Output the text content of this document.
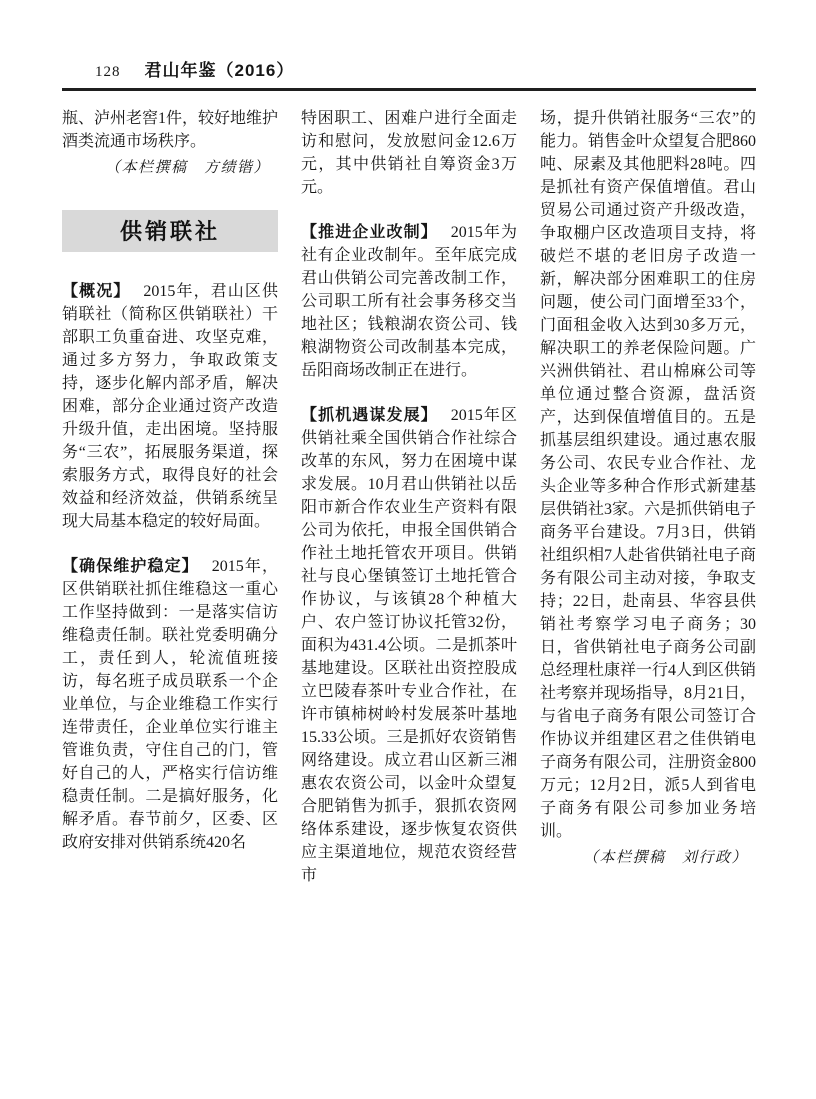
128 君山年鉴（2016）

瓶、泸州老窖1件，较好地维护酒类流通市场秩序。

（本栏撰稿　方绩锴）

供销联社

【概况】 2015年，君山区供销联社（简称区供销联社）干部职工负重奋进、攻坚克难，通过多方努力，争取政策支持，逐步化解内部矛盾，解决困难，部分企业通过资产改造升级升值，走出困境。坚持服务“三农”，拓展服务渠道，探索服务方式，取得良好的社会效益和经济效益，供销系统呈现大局基本稳定的较好局面。

【确保维护稳定】 2015年，区供销联社抓住维稳这一重心工作坚持做到：一是落实信访维稳责任制。联社党委明确分工，责任到人，轮流值班接访，每名班子成员联系一个企业单位，与企业维稳工作实行连带责任，企业单位实行谁主管谁负责，守住自己的门，管好自己的人，严格实行信访维稳责任制。二是搞好服务，化解矛盾。春节前夕，区委、区政府安排对供销系统420名

特困职工、困难户进行全面走访和慰问，发放慰问金12.6万元，其中供销社自筹资金3万元。

【推进企业改制】 2015年为社有企业改制年。至年底完成君山供销公司完善改制工作，公司职工所有社会事务移交当地社区；钱粮湖农资公司、钱粮湖物资公司改制基本完成，岳阳商场改制正在进行。

【抓机遇谋发展】 2015年区供销社乘全国供销合作社综合改革的东风，努力在困境中谋求发展。10月君山供销社以岳阳市新合作农业生产资料有限公司为依托，申报全国供销合作社土地托管农开项目。供销社与良心堡镇签订土地托管合作协议，与该镇28个种植大户、农户签订协议托管32份，面积为431.4公顷。二是抓茶叶基地建设。区联社出资控股成立巴陵春茶叶专业合作社，在许市镇柿树岭村发展茶叶基地15.33公顷。三是抓好农资销售网络建设。成立君山区新三湘惠农农资公司，以金叶众望复合肥销售为抓手，狠抓农资网络体系建设，逐步恢复农资供应主渠道地位，规范农资经营市

场，提升供销社服务“三农”的能力。销售金叶众望复合肥860吨、尿素及其他肥料28吨。四是抓社有资产保值增值。君山贸易公司通过资产升级改造，争取棚户区改造项目支持，将破烂不堪的老旧房子改造一新，解决部分困难职工的住房问题，使公司门面增至33个，门面租金收入达到30多万元，解决职工的养老保险问题。广兴洲供销社、君山棉麻公司等单位通过整合资源，盘活资产，达到保值增值目的。五是抓基层组织建设。通过惠农服务公司、农民专业合作社、龙头企业等多种合作形式新建基层供销社3家。六是抓供销电子商务平台建设。7月3日，供销社组织相7人赴省供销社电子商务有限公司主动对接，争取支持；22日，赴南县、华容县供销社考察学习电子商务；30日，省供销社电子商务公司副总经理杜康祥一行4人到区供销社考察并现场指导，8月21日，与省电子商务有限公司签订合作协议并组建区君之佳供销电子商务有限公司，注册资金800万元；12月2日，派5人到省电子商务有限公司参加业务培训。

（本栏撰稿　刘行政）
